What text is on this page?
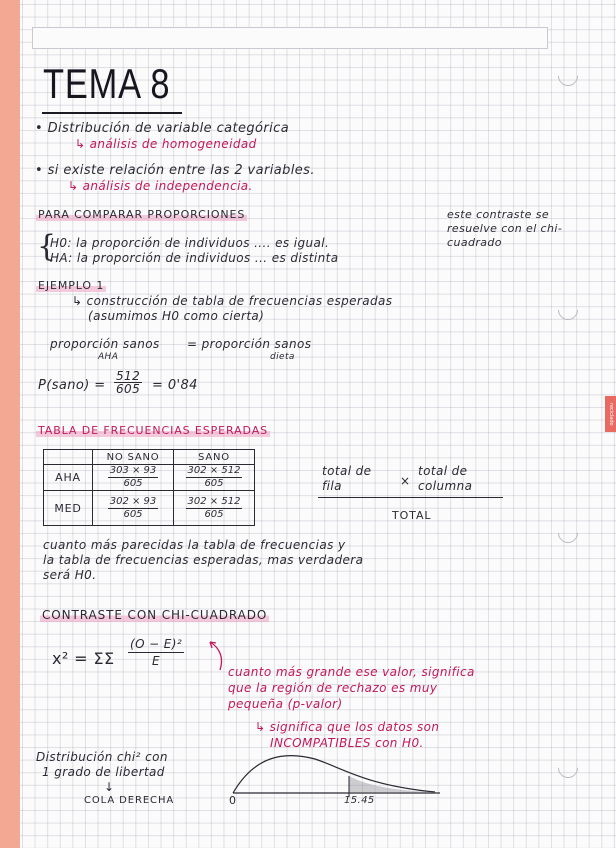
reciclado
TEMA 8
• Distribución de variable categórica
↳ análisis de homogeneidad
• si existe relación entre las 2 variables.
↳ análisis de independencia.
PARA COMPARAR PROPORCIONES	este contraste se resuelve con el chi-cuadrado
{
H0: la proporción de individuos .... es igual.
HA: la proporción de individuos ... es distinta
EJEMPLO 1
↳ construcción de tabla de frecuencias esperadas
(asumimos H0 como cierta)
proporción sanos
AHA
= proporción sanos
dieta
P(sano) = $\frac{512}{605} = 0'84$
TABLA DE FRECUENCIAS ESPERADAS
	NO SANO	SANO
AHA	$\frac{303 \times 93}{605}$	$\frac{302 \times 512}{605}$

MED	$\frac{302 \times 93}{605}$	$\frac{302 \times 512}{605}$
total de fila	×
total de columna
TOTAL
cuanto más parecidas la tabla de frecuencias y
la tabla de frecuencias esperadas, mas verdadera
será H0.
CONTRASTE CON CHI-CUADRADO
x² = ΣΣ $\frac{\text{(O − E)²}}{E}$
cuanto más grande ese valor, significa
que la región de rechazo es muy
pequeña (p-valor)
↳ significa que los datos son
INCOMPATIBLES con H0.
Distribución chi² con
1 grado de libertad
↓
COLA DERECHA	0	15.45
